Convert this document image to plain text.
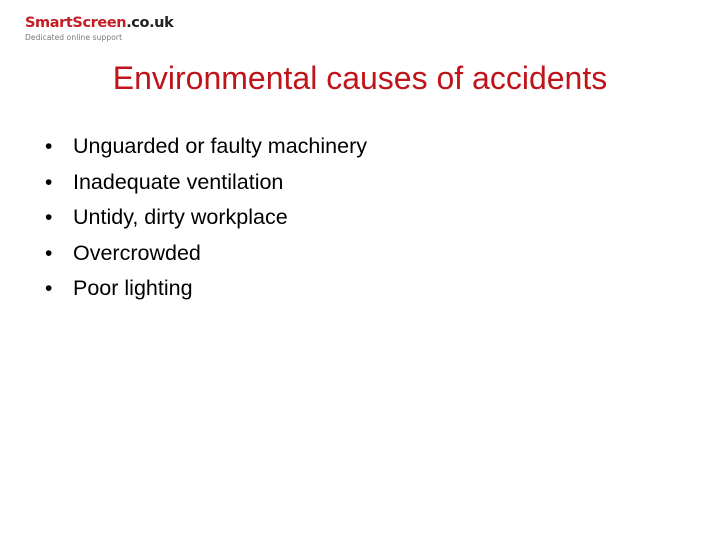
SmartScreen.co.uk
Dedicated online support
Environmental causes of accidents
• Unguarded or faulty machinery
• Inadequate ventilation
• Untidy, dirty workplace
• Overcrowded
• Poor lighting
